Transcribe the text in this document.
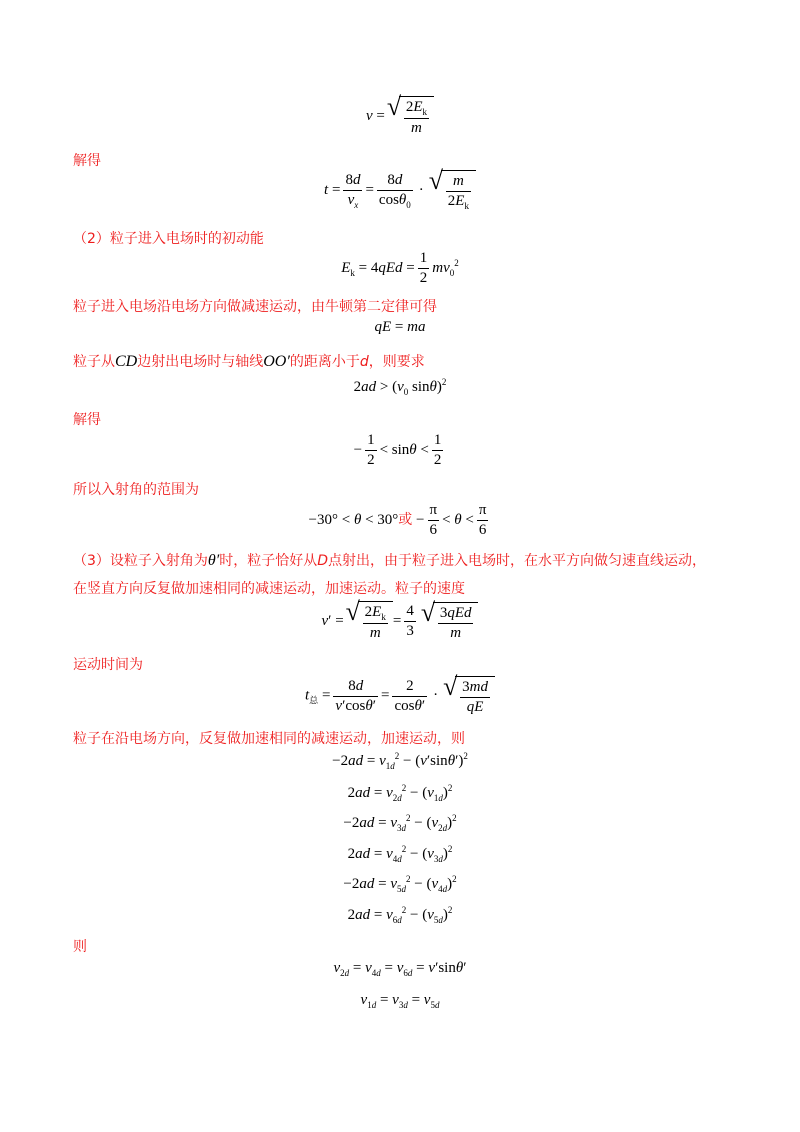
v = √ $\frac{2E_k}{m}$
解得
$t = \frac{8d}{v_x} = \frac{8d}{\cos\theta_0}$ · √ $\frac{m}{2E_k}$
（2）粒子进入电场时的初动能
$E_k = 4qEd = \frac{1}{2} mv_0^2$
粒子进入电场沿电场方向做减速运动，由牛顿第二定律可得
qE = ma
粒子从CD边射出电场时与轴线OO′的距离小于d，则要求
$2ad > (v_0$ sinθ)$^2$
解得
− $\frac{1}{2} < \sin\theta < \frac{1}{2}$
所以入射角的范围为
−30° < θ < 30°或 − $\frac{\pi}{6} < \theta < \frac{\pi}{6}$
（3）设粒子入射角为θ′时，粒子恰好从D点射出，由于粒子进入电场时，在水平方向做匀速直线运动，
在竖直方向反复做加速相同的减速运动，加速运动。粒子的速度
v′ = √ $\frac{2E_k}{m} = \frac{4}{3}$ √ $\frac{\text{3qEd}}{m}$
运动时间为
$t_总 = \frac{8d}{v'\cos\theta'} = \frac{2}{\cos\theta'}$ · √ $\frac{3md}{qE}$
粒子在沿电场方向，反复做加速相同的减速运动，加速运动，则
$-2ad = v_{1d}^2 - (v'\sin\theta')^2$
$2ad = v_{2d}^2 - (v_{1d})^2$
$-2ad = v_{3d}^2 - (v_{2d})^2$
$2ad = v_{4d}^2 - (v_{3d})^2$
$-2ad = v_{5d}^2 - (v_{4d})^2$
$2ad = v_{6d}^2 - (v_{5d})^2$
则
$v_{2d} = v_{4d} = v_{6d} = v'\sin\theta'$
$v_{1d} = v_{3d} = v_{5d}$
